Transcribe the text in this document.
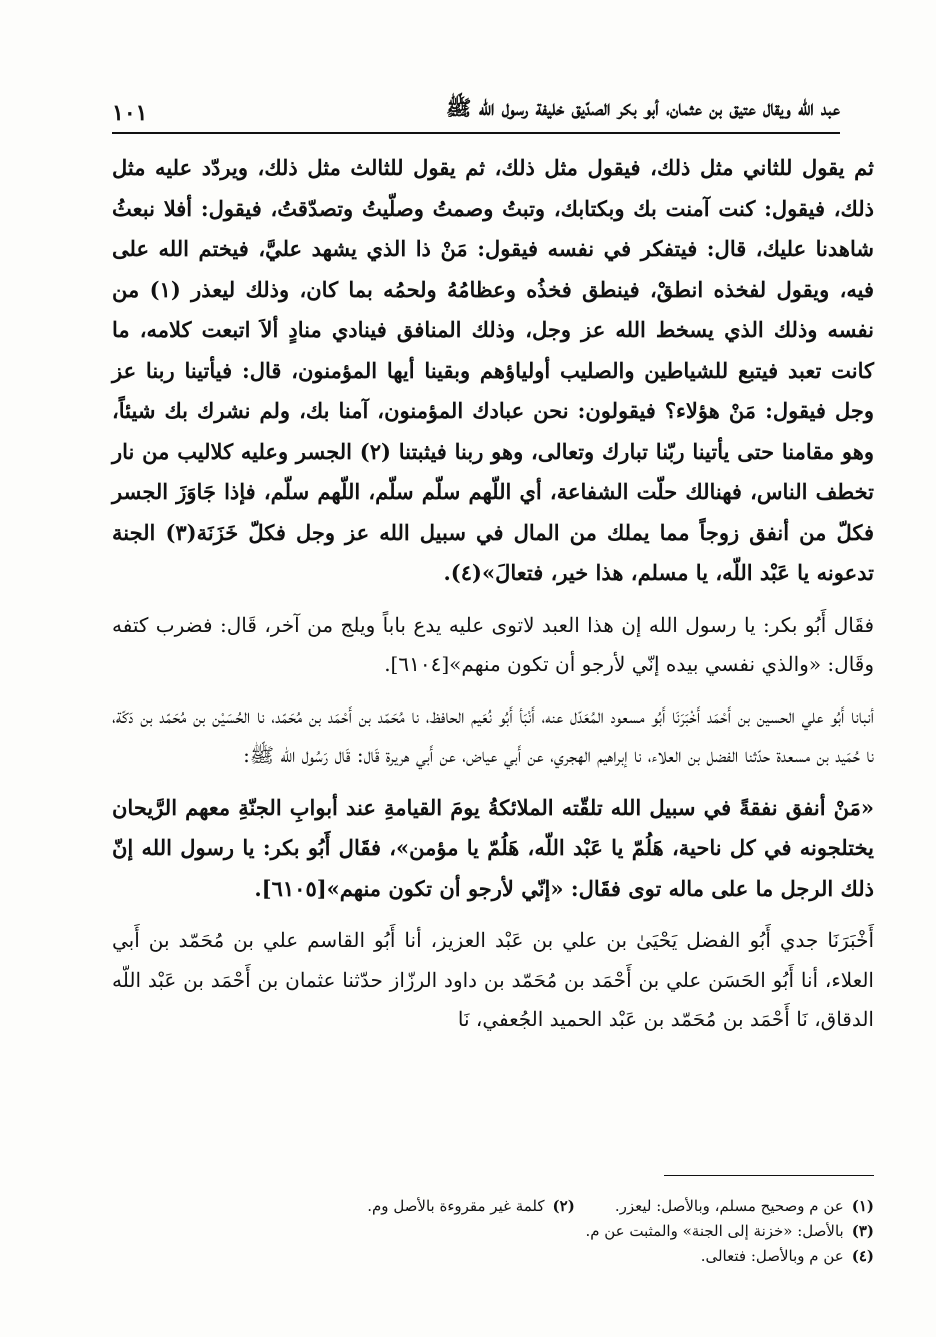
عبد الله ويقال عتيق بن عثمان، أبو بكر الصدّيق خليفة رسول الله ﷺ
١٠١

ثم يقول للثاني مثل ذلك، فيقول مثل ذلك، ثم يقول للثالث مثل ذلك، ويردّد عليه مثل ذلك، فيقول: كنت آمنت بك وبكتابك، وتبتُ وصمتُ وصلّيتُ وتصدّقتُ، فيقول: أفلا نبعثُ شاهدنا عليك، قال: فيتفكر في نفسه فيقول: مَنْ ذا الذي يشهد عليَّ، فيختم الله على فيه، ويقول لفخذه انطقْ، فينطق فخذُه وعظامُهُ ولحمُه بما كان، وذلك ليعذر (١) من نفسه وذلك الذي يسخط الله عز وجل، وذلك المنافق فينادي منادٍ ألاَ اتبعت كلامه، ما كانت تعبد فيتبع للشياطين والصليب أولياؤهم وبقينا أيها المؤمنون، قال: فيأتينا ربنا عز وجل فيقول: مَنْ هؤلاء؟ فيقولون: نحن عبادك المؤمنون، آمنا بك، ولم نشرك بك شيئاً، وهو مقامنا حتى يأتينا ربّنا تبارك وتعالى، وهو ربنا فيثبتنا (٢) الجسر وعليه كلاليب من نار تخطف الناس، فهنالك حلّت الشفاعة، أي اللّهم سلّم سلّم، اللّهم سلّم، فإذا جَاوَزَ الجسر فكلّ من أنفق زوجاً مما يملك من المال في سبيل الله عز وجل فكلّ خَزَنَة(٣) الجنة تدعونه يا عَبْد اللّه، يا مسلم، هذا خير، فتعالَ»(٤).

فقَال أَبُو بكر: يا رسول الله إن هذا العبد لاتوى عليه يدع باباً ويلج من آخر، قَال: فضرب كتفه وقَال: «والذي نفسي بيده إنّي لأرجو أن تكون منهم»[٦١٠٤].

أنبانا أَبُو علي الحسين بن أَحْمَد أَخْبَرَنَا أَبُو مسعود المُعَدّل عنه، أَنْبَأ أَبُو نُعَيم الحافظ، نا مُحَمّد بن أَحْمَد بن مُحَمّد، نا الحُسَيْن بن مُحَمّد بن دَكّة، نا حُمَيد بن مسعدة حدّثنا الفضل بن العلاء، نا إبراهيم الهجري، عن أَبي عياض، عن أَبي هريرة قَال: قَال رَسُول الله ﷺ:

«مَنْ أنفق نفقةً في سبيل الله تلقّته الملائكةُ يومَ القيامةِ عند أبوابِ الجنّةِ معهم الرَّيحان يختلجونه في كل ناحية، هَلُمّ يا عَبْد اللّه، هَلُمّ يا مؤمن»، فقَال أَبُو بكر: يا رسول الله إنّ ذلك الرجل ما على ماله توى فقَال: «إنّي لأرجو أن تكون منهم»[٦١٠٥].

أَخْبَرَنَا جدي أَبُو الفضل يَحْيَىٰ بن علي بن عَبْد العزيز، أنا أَبُو القاسم علي بن مُحَمّد بن أَبي العلاء، أنا أَبُو الحَسَن علي بن أَحْمَد بن مُحَمّد بن داود الرزّاز حدّثنا عثمان بن أَحْمَد بن عَبْد اللّه الدقاق، نَا أَحْمَد بن مُحَمّد بن عَبْد الحميد الجُعفي، نَا

(١)عن م وصحيح مسلم، وبالأصل: ليعزر.
(٢)كلمة غير مقروءة بالأصل وم.
(٣)بالأصل: «خزنة إلى الجنة» والمثبت عن م.
(٤)عن م وبالأصل: فتعالى.
